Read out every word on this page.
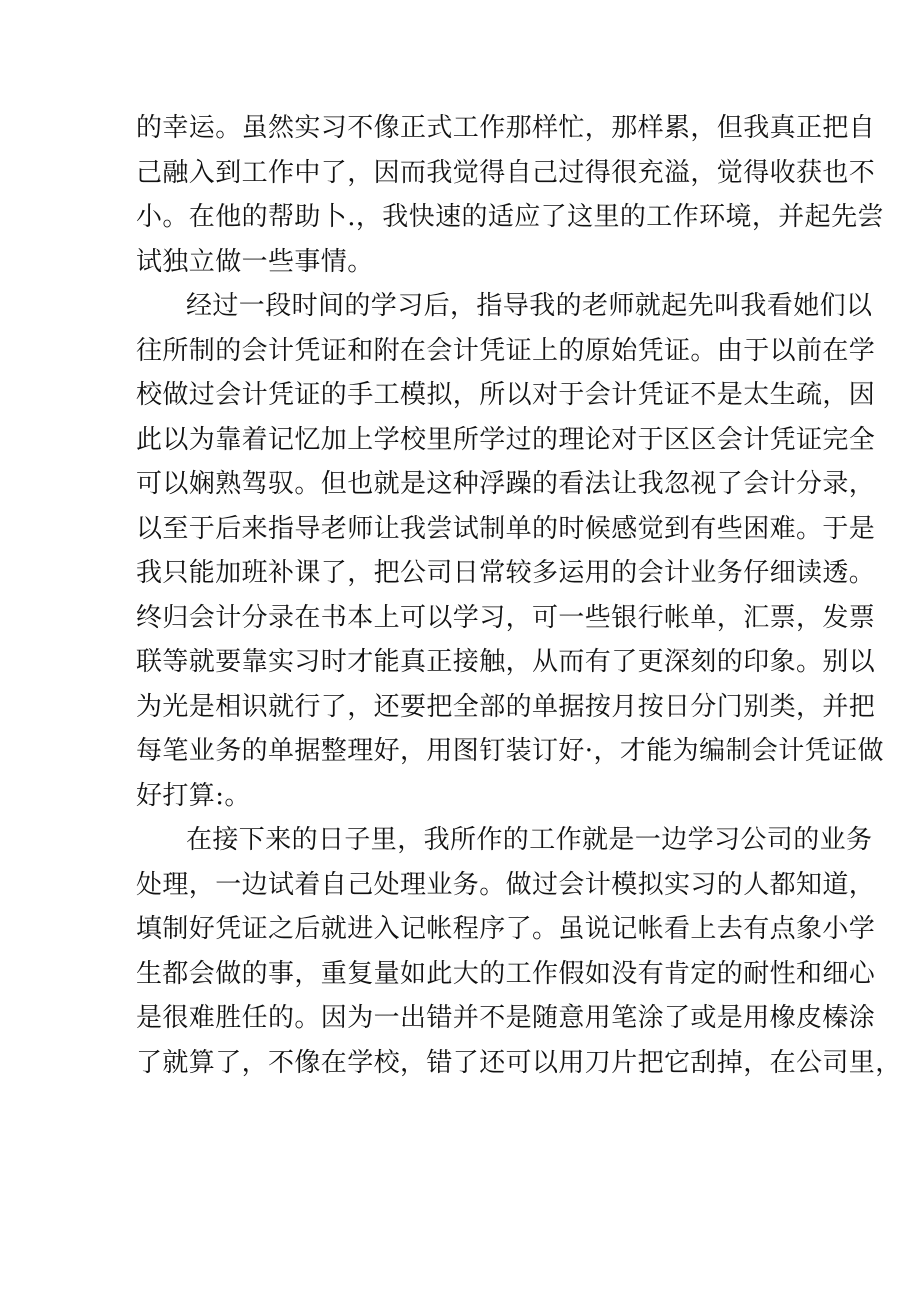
的幸运。虽然实习不像正式工作那样忙，那样累，但我真正把自
己融入到工作中了，因而我觉得自己过得很充溢，觉得收获也不
小。在他的帮助卜.，我快速的适应了这里的工作环境，并起先尝
试独立做一些事情。
经过一段时间的学习后，指导我的老师就起先叫我看她们以
往所制的会计凭证和附在会计凭证上的原始凭证。由于以前在学
校做过会计凭证的手工模拟，所以对于会计凭证不是太生疏，因
此以为靠着记忆加上学校里所学过的理论对于区区会计凭证完全
可以娴熟驾驭。但也就是这种浮躁的看法让我忽视了会计分录，
以至于后来指导老师让我尝试制单的时候感觉到有些困难。于是
我只能加班补课了，把公司日常较多运用的会计业务仔细读透。
终归会计分录在书本上可以学习，可一些银行帐单，汇票，发票
联等就要靠实习时才能真正接触，从而有了更深刻的印象。别以
为光是相识就行了，还要把全部的单据按月按日分门别类，并把
每笔业务的单据整理好，用图钉装订好·，才能为编制会计凭证做
好打算:。
在接下来的日子里，我所作的工作就是一边学习公司的业务
处理，一边试着自己处理业务。做过会计模拟实习的人都知道，
填制好凭证之后就进入记帐程序了。虽说记帐看上去有点象小学
生都会做的事，重复量如此大的工作假如没有肯定的耐性和细心
是很难胜任的。因为一出错并不是随意用笔涂了或是用橡皮榛涂
了就算了，不像在学校，错了还可以用刀片把它刮掉，在公司里，
